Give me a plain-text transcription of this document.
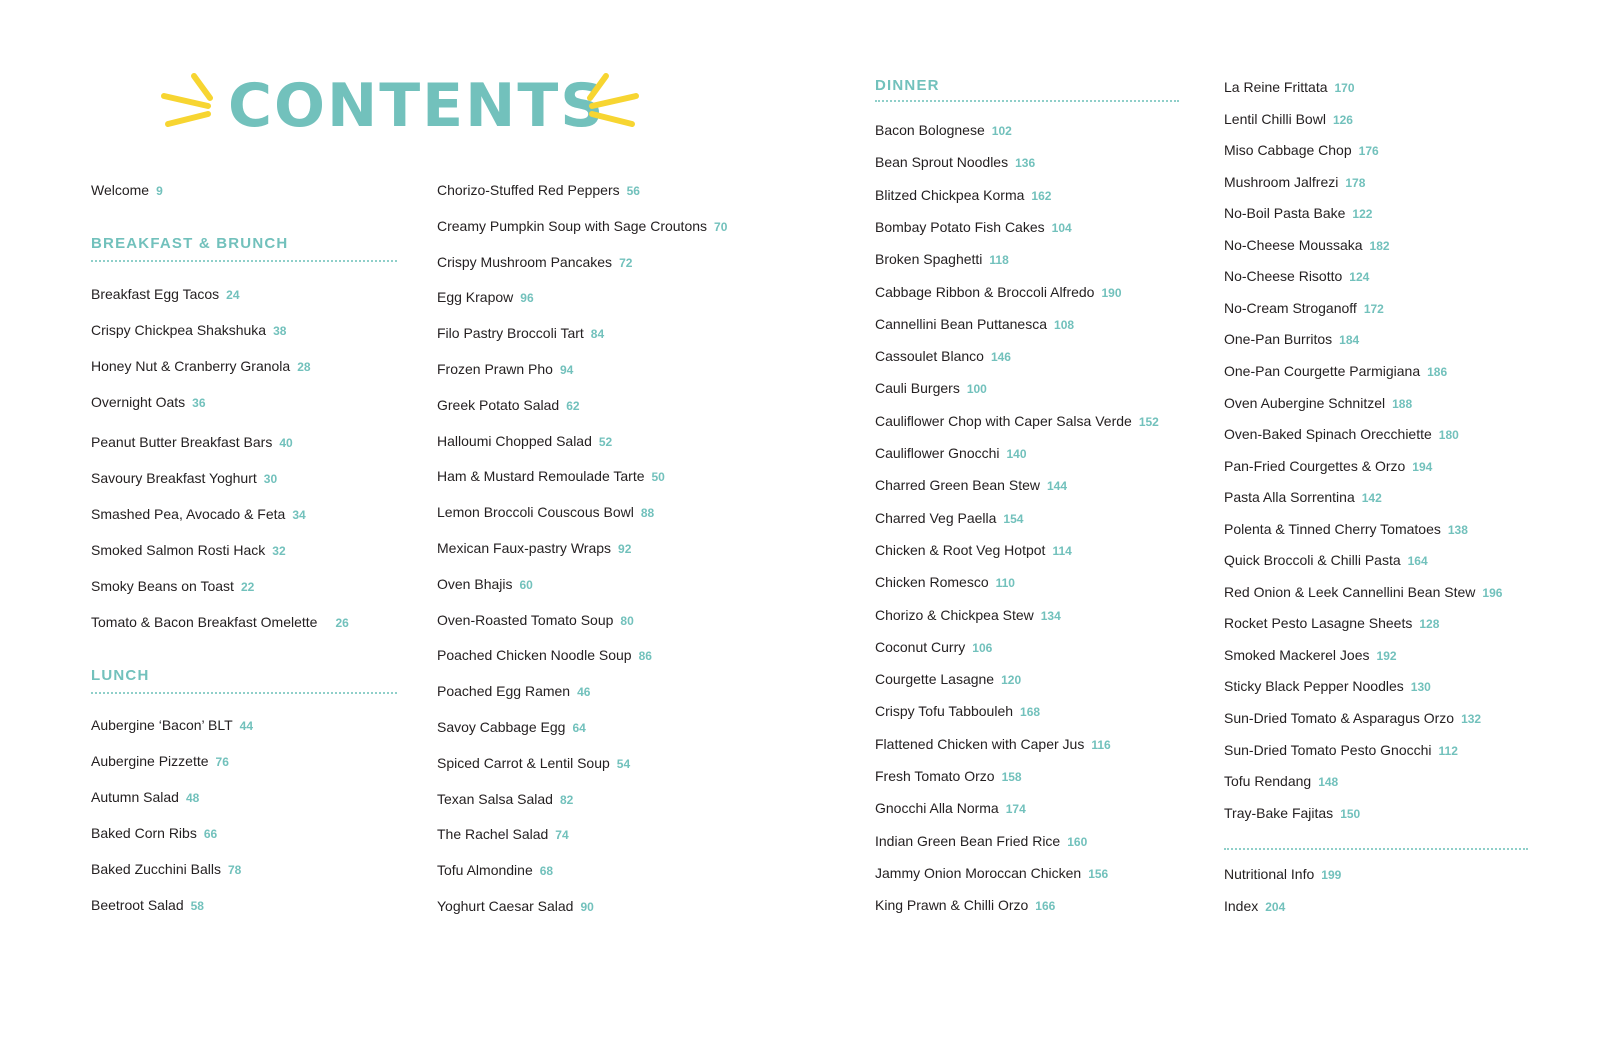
CONTENTS
Welcome 9
BREAKFAST & BRUNCH
Breakfast Egg Tacos 24
Crispy Chickpea Shakshuka 38
Honey Nut & Cranberry Granola 28
Overnight Oats 36
Peanut Butter Breakfast Bars 40
Savoury Breakfast Yoghurt 30
Smashed Pea, Avocado & Feta 34
Smoked Salmon Rosti Hack 32
Smoky Beans on Toast 22
Tomato & Bacon Breakfast Omelette 26
LUNCH
Aubergine ‘Bacon’ BLT 44
Aubergine Pizzette 76
Autumn Salad 48
Baked Corn Ribs 66
Baked Zucchini Balls 78
Beetroot Salad 58
Chorizo-Stuffed Red Peppers 56
Creamy Pumpkin Soup with Sage Croutons 70
Crispy Mushroom Pancakes 72
Egg Krapow 96
Filo Pastry Broccoli Tart 84
Frozen Prawn Pho 94
Greek Potato Salad 62
Halloumi Chopped Salad 52
Ham & Mustard Remoulade Tarte 50
Lemon Broccoli Couscous Bowl 88
Mexican Faux-pastry Wraps 92
Oven Bhajis 60
Oven-Roasted Tomato Soup 80
Poached Chicken Noodle Soup 86
Poached Egg Ramen 46
Savoy Cabbage Egg 64
Spiced Carrot & Lentil Soup 54
Texan Salsa Salad 82
The Rachel Salad 74
Tofu Almondine 68
Yoghurt Caesar Salad 90
DINNER
Bacon Bolognese 102
Bean Sprout Noodles 136
Blitzed Chickpea Korma 162
Bombay Potato Fish Cakes 104
Broken Spaghetti 118
Cabbage Ribbon & Broccoli Alfredo 190
Cannellini Bean Puttanesca 108
Cassoulet Blanco 146
Cauli Burgers 100
Cauliflower Chop with Caper Salsa Verde 152
Cauliflower Gnocchi 140
Charred Green Bean Stew 144
Charred Veg Paella 154
Chicken & Root Veg Hotpot 114
Chicken Romesco 110
Chorizo & Chickpea Stew 134
Coconut Curry 106
Courgette Lasagne 120
Crispy Tofu Tabbouleh 168
Flattened Chicken with Caper Jus 116
Fresh Tomato Orzo 158
Gnocchi Alla Norma 174
Indian Green Bean Fried Rice 160
Jammy Onion Moroccan Chicken 156
King Prawn & Chilli Orzo 166
La Reine Frittata 170
Lentil Chilli Bowl 126
Miso Cabbage Chop 176
Mushroom Jalfrezi 178
No-Boil Pasta Bake 122
No-Cheese Moussaka 182
No-Cheese Risotto 124
No-Cream Stroganoff 172
One-Pan Burritos 184
One-Pan Courgette Parmigiana 186
Oven Aubergine Schnitzel 188
Oven-Baked Spinach Orecchiette 180
Pan-Fried Courgettes & Orzo 194
Pasta Alla Sorrentina 142
Polenta & Tinned Cherry Tomatoes 138
Quick Broccoli & Chilli Pasta 164
Red Onion & Leek Cannellini Bean Stew 196
Rocket Pesto Lasagne Sheets 128
Smoked Mackerel Joes 192
Sticky Black Pepper Noodles 130
Sun-Dried Tomato & Asparagus Orzo 132
Sun-Dried Tomato Pesto Gnocchi 112
Tofu Rendang 148
Tray-Bake Fajitas 150
Nutritional Info 199
Index 204
